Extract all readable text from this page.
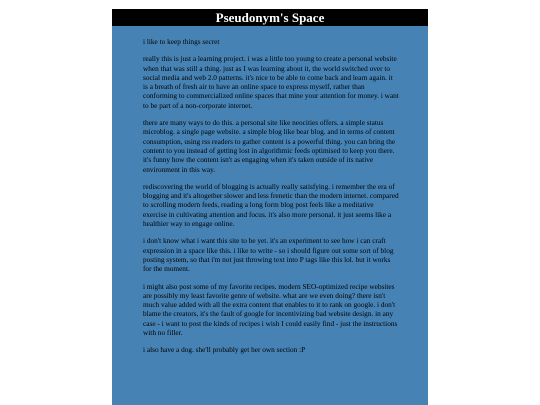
Pseudonym's Space

i like to keep things secret

really this is just a learning project. i was a little too young to create a personal website when that was still a thing. just as I was learning about it, the world switched over to social media and web 2.0 patterns. it's nice to be able to come back and learn again. it is a breath of fresh air to have an online space to express myself, rather than conforming to commercialized online spaces that mine your attention for money. i want to be part of a non-corporate internet.

there are many ways to do this. a personal site like neocities offers. a simple status microblog. a single page website. a simple blog like bear blog. and in terms of content consumption, using rss readers to gather content is a powerful thing. you can bring the content to you instead of getting lost in algorithmic feeds optimised to keep you there. it's funny how the content isn't as engaging when it's taken outside of its native environment in this way.

rediscovering the world of blogging is actually really satisfying. i remember the era of blogging and it's altogether slower and less frenetic than the modern internet. compared to scrolling modern feeds, reading a long form blog post feels like a meditative exercise in cultivating attention and focus. it's also more personal. it just seems like a healthier way to engage online.

i don't know what i want this site to be yet. it's an experiment to see how i can craft expression in a space like this. i like to write - so i should figure out some sort of blog posting system, so that i'm not just throwing text into P tags like this lol. but it works for the moment.

i might also post some of my favorite recipes. modern SEO-optimized recipe websites are possibly my least favorite genre of website. what are we even doing? there isn't much value added with all the extra content that enables to it to rank on google. i don't blame the creators, it's the fault of google for incentivizing bad website design. in any case - i want to post the kinds of recipes i wish I could easily find - just the instructions with no filler.

i also have a dog. she'll probably get her own section :P
